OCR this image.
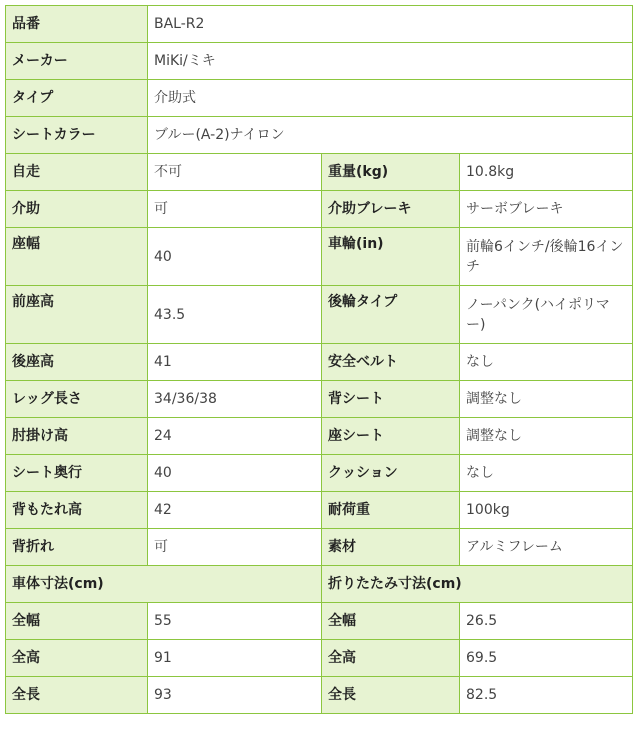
品番	BAL-R2		
メーカー	MiKi/ミキ		
タイプ	介助式		
シートカラー	ブルー(A-2)ナイロン		
自走	不可	重量(kg)	10.8kg
介助	可	介助ブレーキ	サーボブレーキ
座幅	40	車輪(in)	前輪6インチ/後輪16インチ
前座高	43.5	後輪タイプ	ノーパンク(ハイポリマー)
後座高	41	安全ベルト	なし
レッグ長さ	34/36/38	背シート	調整なし
肘掛け高	24	座シート	調整なし
シート奥行	40	クッション	なし
背もたれ高	42	耐荷重	100kg
背折れ	可	素材	アルミフレーム
車体寸法(cm)		折りたたみ寸法(cm)	
全幅	55	全幅	26.5
全高	91	全高	69.5
全長	93	全長	82.5
